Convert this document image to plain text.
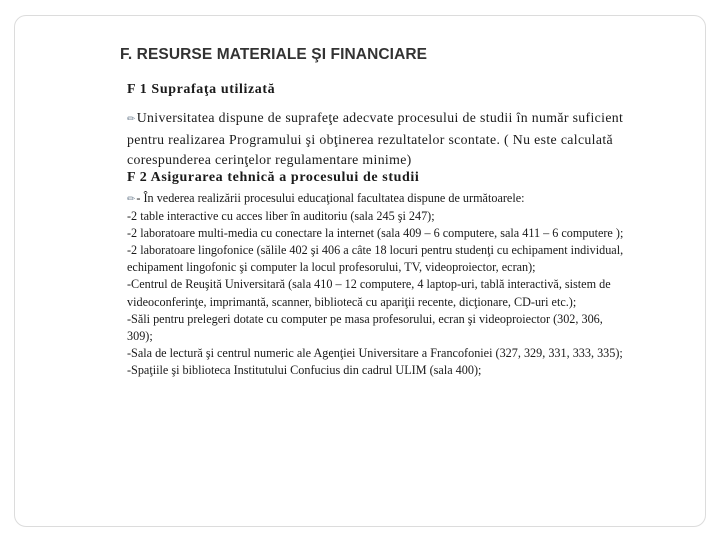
F. RESURSE MATERIALE ŞI FINANCIARE
F 1 Suprafaţa utilizată
✏Universitatea dispune de suprafeţe adecvate procesului de studii în număr suficient
pentru realizarea Programului şi obţinerea rezultatelor scontate. ( Nu este calculată
corespunderea cerinţelor regulamentare minime)
F 2 Asigurarea tehnică a procesului de studii
✏- În vederea realizării procesului educaţional facultatea dispune de următoarele:
-2 table interactive cu acces liber în auditoriu (sala 245 şi 247);
-2 laboratoare multi-media cu conectare la internet (sala 409 – 6 computere, sala 411 – 6 computere );
-2 laboratoare lingofonice (sălile 402 şi 406 a câte 18 locuri pentru studenţi cu echipament individual,
echipament lingofonic şi computer la locul profesorului, TV, videoproiector, ecran);
-Centrul de Reuşită Universitară (sala 410 – 12 computere, 4 laptop-uri, tablă interactivă, sistem de
videoconferinţe, imprimantă, scanner, bibliotecă cu apariţii recente, dicţionare, CD-uri etc.);
-Săli pentru prelegeri dotate cu computer pe masa profesorului, ecran şi videoproiector (302, 306,
309);
-Sala de lectură şi centrul numeric ale Agenţiei Universitare a Francofoniei (327, 329, 331, 333, 335);
-Spaţiile şi biblioteca Institutului Confucius din cadrul ULIM (sala 400);
